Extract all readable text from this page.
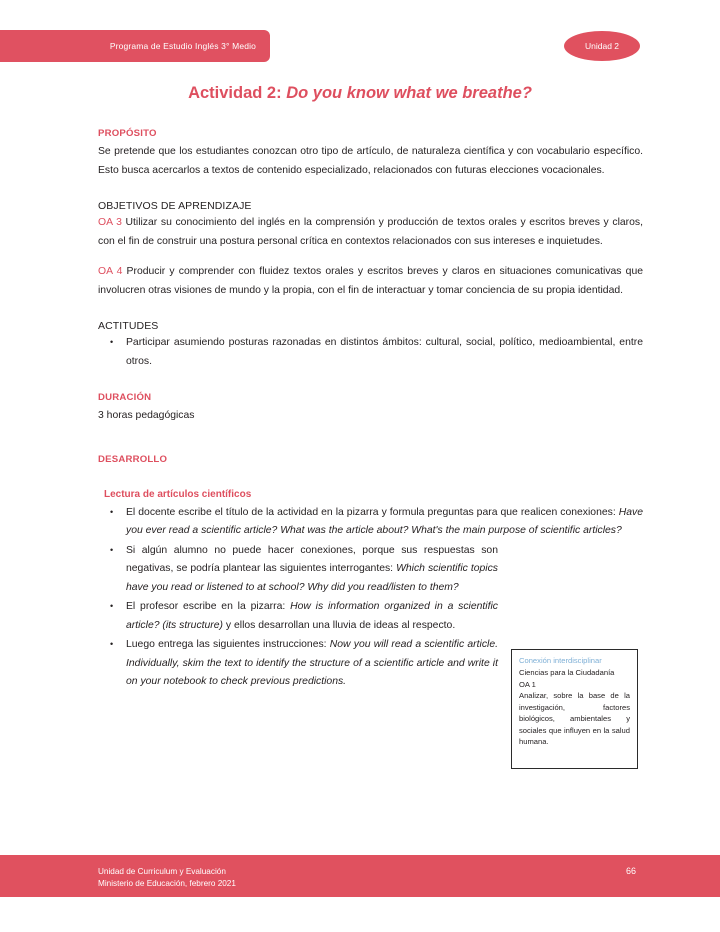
Programa de Estudio Inglés 3° Medio	Unidad 2
Actividad 2: Do you know what we breathe?
PROPÓSITO

Se pretende que los estudiantes conozcan otro tipo de artículo, de naturaleza científica y con vocabulario específico. Esto busca acercarlos a textos de contenido especializado, relacionados con futuras elecciones vocacionales.

OBJETIVOS DE APRENDIZAJE

OA 3 Utilizar su conocimiento del inglés en la comprensión y producción de textos orales y escritos breves y claros, con el fin de construir una postura personal crítica en contextos relacionados con sus intereses e inquietudes.

OA 4 Producir y comprender con fluidez textos orales y escritos breves y claros en situaciones comunicativas que involucren otras visiones de mundo y la propia, con el fin de interactuar y tomar conciencia de su propia identidad.

ACTITUDES
• Participar asumiendo posturas razonadas en distintos ámbitos: cultural, social, político, medioambiental, entre otros.
DURACIÓN

3 horas pedagógicas

DESARROLLO
Lectura de artículos científicos
• El docente escribe el título de la actividad en la pizarra y formula preguntas para que realicen conexiones: Have you ever read a scientific article? What was the article about? What's the main purpose of scientific articles?
• Si algún alumno no puede hacer conexiones, porque sus respuestas son negativas, se podría plantear las siguientes interrogantes: Which scientific topics have you read or listened to at school? Why did you read/listen to them?
• El profesor escribe en la pizarra: How is information organized in a scientific article? (its structure) y ellos desarrollan una lluvia de ideas al respecto.
• Luego entrega las siguientes instrucciones: Now you will read a scientific article. Individually, skim the text to identify the structure of a scientific article and write it on your notebook to check previous predictions.

Conexión interdisciplinar

Ciencias para la Ciudadanía

OA 1

Analizar, sobre la base de la investigación, factores biológicos, ambientales y sociales que influyen en la salud humana.

Unidad de Curriculum y Evaluación
Ministerio de Educación, febrero 2021
66
